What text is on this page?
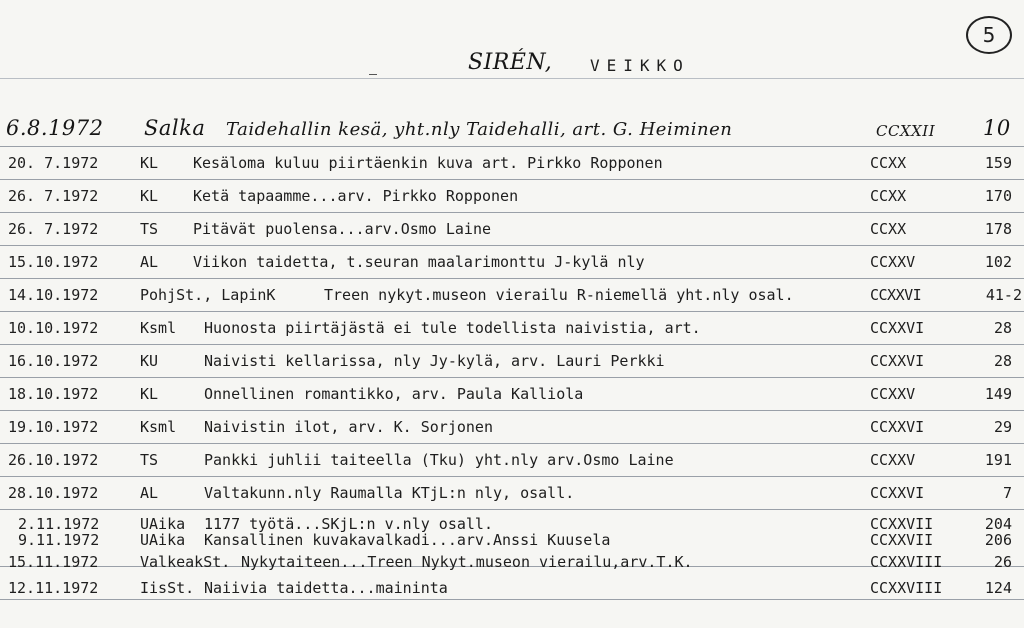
5
SIRÉN, VEIKKO
6.8.1972 Salka Taidehallin kesä, yht.nly Taidehalli, art. G. Heiminen	CCXXII 10
20. 7.1972	KL Kesäloma kuluu piirtäenkin kuva art. Pirkko Ropponen	CCXX	159
26. 7.1972	KL Ketä tapaamme...arv. Pirkko Ropponen	CCXX	170
26. 7.1972	TS Pitävät puolensa...arv.Osmo Laine	CCXX	178
15.10.1972	AL Viikon taidetta, t.seuran maalarimonttu J-kylä nly	CCXXV	102
14.10.1972	PohjSt., LapinK	Treen nykyt.museon vierailu R-niemellä yht.nly osal.	CCXXVI	41-2
10.10.1972	Ksml Huonosta piirtäjästä ei tule todellista naivistia, art.	CCXXVI	28
16.10.1972	KU	Naivisti kellarissa, nly Jy-kylä, arv. Lauri Perkki	CCXXVI	28
18.10.1972	KL	Onnellinen romantikko, arv. Paula Kalliola	CCXXV	149
19.10.1972	Ksml Naivistin ilot, arv. K. Sorjonen	CCXXVI	29
26.10.1972	TS	Pankki juhlii taiteella (Tku) yht.nly arv.Osmo Laine	CCXXV	191
28.10.1972	AL	Valtakunn.nly Raumalla KTjL:n nly, osall.	CCXXVI	7
2.11.1972	UAika 1177 työtä...SKjL:n v.nly osall.	CCXXVII	204
9.11.1972	UAika Kansallinen kuvakavalkadi...arv.Anssi Kuusela	CCXXVII	206
15.11.1972	ValkeakSt. Nykytaiteen...Treen Nykyt.museon vierailu,arv.T.K.	CCXXVIII	26
12.11.1972	IisSt. Naiivia taidetta...maininta	CCXXVIII	124
